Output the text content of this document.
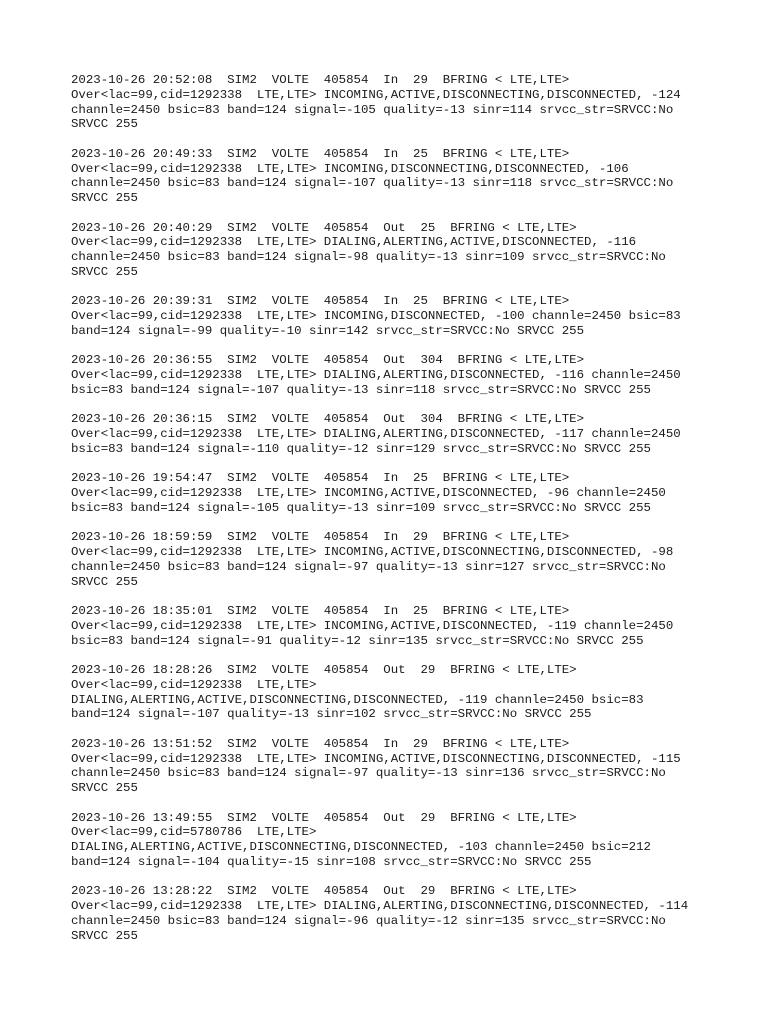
2023-10-26 20:52:08  SIM2  VOLTE  405854  In  29  BFRING < LTE,LTE>
Over<lac=99,cid=1292338  LTE,LTE> INCOMING,ACTIVE,DISCONNECTING,DISCONNECTED, -124
channle=2450 bsic=83 band=124 signal=-105 quality=-13 sinr=114 srvcc_str=SRVCC:No
SRVCC 255
2023-10-26 20:49:33  SIM2  VOLTE  405854  In  25  BFRING < LTE,LTE>
Over<lac=99,cid=1292338  LTE,LTE> INCOMING,DISCONNECTING,DISCONNECTED, -106
channle=2450 bsic=83 band=124 signal=-107 quality=-13 sinr=118 srvcc_str=SRVCC:No
SRVCC 255
2023-10-26 20:40:29  SIM2  VOLTE  405854  Out  25  BFRING < LTE,LTE>
Over<lac=99,cid=1292338  LTE,LTE> DIALING,ALERTING,ACTIVE,DISCONNECTED, -116
channle=2450 bsic=83 band=124 signal=-98 quality=-13 sinr=109 srvcc_str=SRVCC:No
SRVCC 255
2023-10-26 20:39:31  SIM2  VOLTE  405854  In  25  BFRING < LTE,LTE>
Over<lac=99,cid=1292338  LTE,LTE> INCOMING,DISCONNECTED, -100 channle=2450 bsic=83
band=124 signal=-99 quality=-10 sinr=142 srvcc_str=SRVCC:No SRVCC 255
2023-10-26 20:36:55  SIM2  VOLTE  405854  Out  304  BFRING < LTE,LTE>
Over<lac=99,cid=1292338  LTE,LTE> DIALING,ALERTING,DISCONNECTED, -116 channle=2450
bsic=83 band=124 signal=-107 quality=-13 sinr=118 srvcc_str=SRVCC:No SRVCC 255
2023-10-26 20:36:15  SIM2  VOLTE  405854  Out  304  BFRING < LTE,LTE>
Over<lac=99,cid=1292338  LTE,LTE> DIALING,ALERTING,DISCONNECTED, -117 channle=2450
bsic=83 band=124 signal=-110 quality=-12 sinr=129 srvcc_str=SRVCC:No SRVCC 255
2023-10-26 19:54:47  SIM2  VOLTE  405854  In  25  BFRING < LTE,LTE>
Over<lac=99,cid=1292338  LTE,LTE> INCOMING,ACTIVE,DISCONNECTED, -96 channle=2450
bsic=83 band=124 signal=-105 quality=-13 sinr=109 srvcc_str=SRVCC:No SRVCC 255
2023-10-26 18:59:59  SIM2  VOLTE  405854  In  29  BFRING < LTE,LTE>
Over<lac=99,cid=1292338  LTE,LTE> INCOMING,ACTIVE,DISCONNECTING,DISCONNECTED, -98
channle=2450 bsic=83 band=124 signal=-97 quality=-13 sinr=127 srvcc_str=SRVCC:No
SRVCC 255
2023-10-26 18:35:01  SIM2  VOLTE  405854  In  25  BFRING < LTE,LTE>
Over<lac=99,cid=1292338  LTE,LTE> INCOMING,ACTIVE,DISCONNECTED, -119 channle=2450
bsic=83 band=124 signal=-91 quality=-12 sinr=135 srvcc_str=SRVCC:No SRVCC 255
2023-10-26 18:28:26  SIM2  VOLTE  405854  Out  29  BFRING < LTE,LTE>
Over<lac=99,cid=1292338  LTE,LTE>
DIALING,ALERTING,ACTIVE,DISCONNECTING,DISCONNECTED, -119 channle=2450 bsic=83
band=124 signal=-107 quality=-13 sinr=102 srvcc_str=SRVCC:No SRVCC 255
2023-10-26 13:51:52  SIM2  VOLTE  405854  In  29  BFRING < LTE,LTE>
Over<lac=99,cid=1292338  LTE,LTE> INCOMING,ACTIVE,DISCONNECTING,DISCONNECTED, -115
channle=2450 bsic=83 band=124 signal=-97 quality=-13 sinr=136 srvcc_str=SRVCC:No
SRVCC 255
2023-10-26 13:49:55  SIM2  VOLTE  405854  Out  29  BFRING < LTE,LTE>
Over<lac=99,cid=5780786  LTE,LTE>
DIALING,ALERTING,ACTIVE,DISCONNECTING,DISCONNECTED, -103 channle=2450 bsic=212
band=124 signal=-104 quality=-15 sinr=108 srvcc_str=SRVCC:No SRVCC 255
2023-10-26 13:28:22  SIM2  VOLTE  405854  Out  29  BFRING < LTE,LTE>
Over<lac=99,cid=1292338  LTE,LTE> DIALING,ALERTING,DISCONNECTING,DISCONNECTED, -114
channle=2450 bsic=83 band=124 signal=-96 quality=-12 sinr=135 srvcc_str=SRVCC:No
SRVCC 255
